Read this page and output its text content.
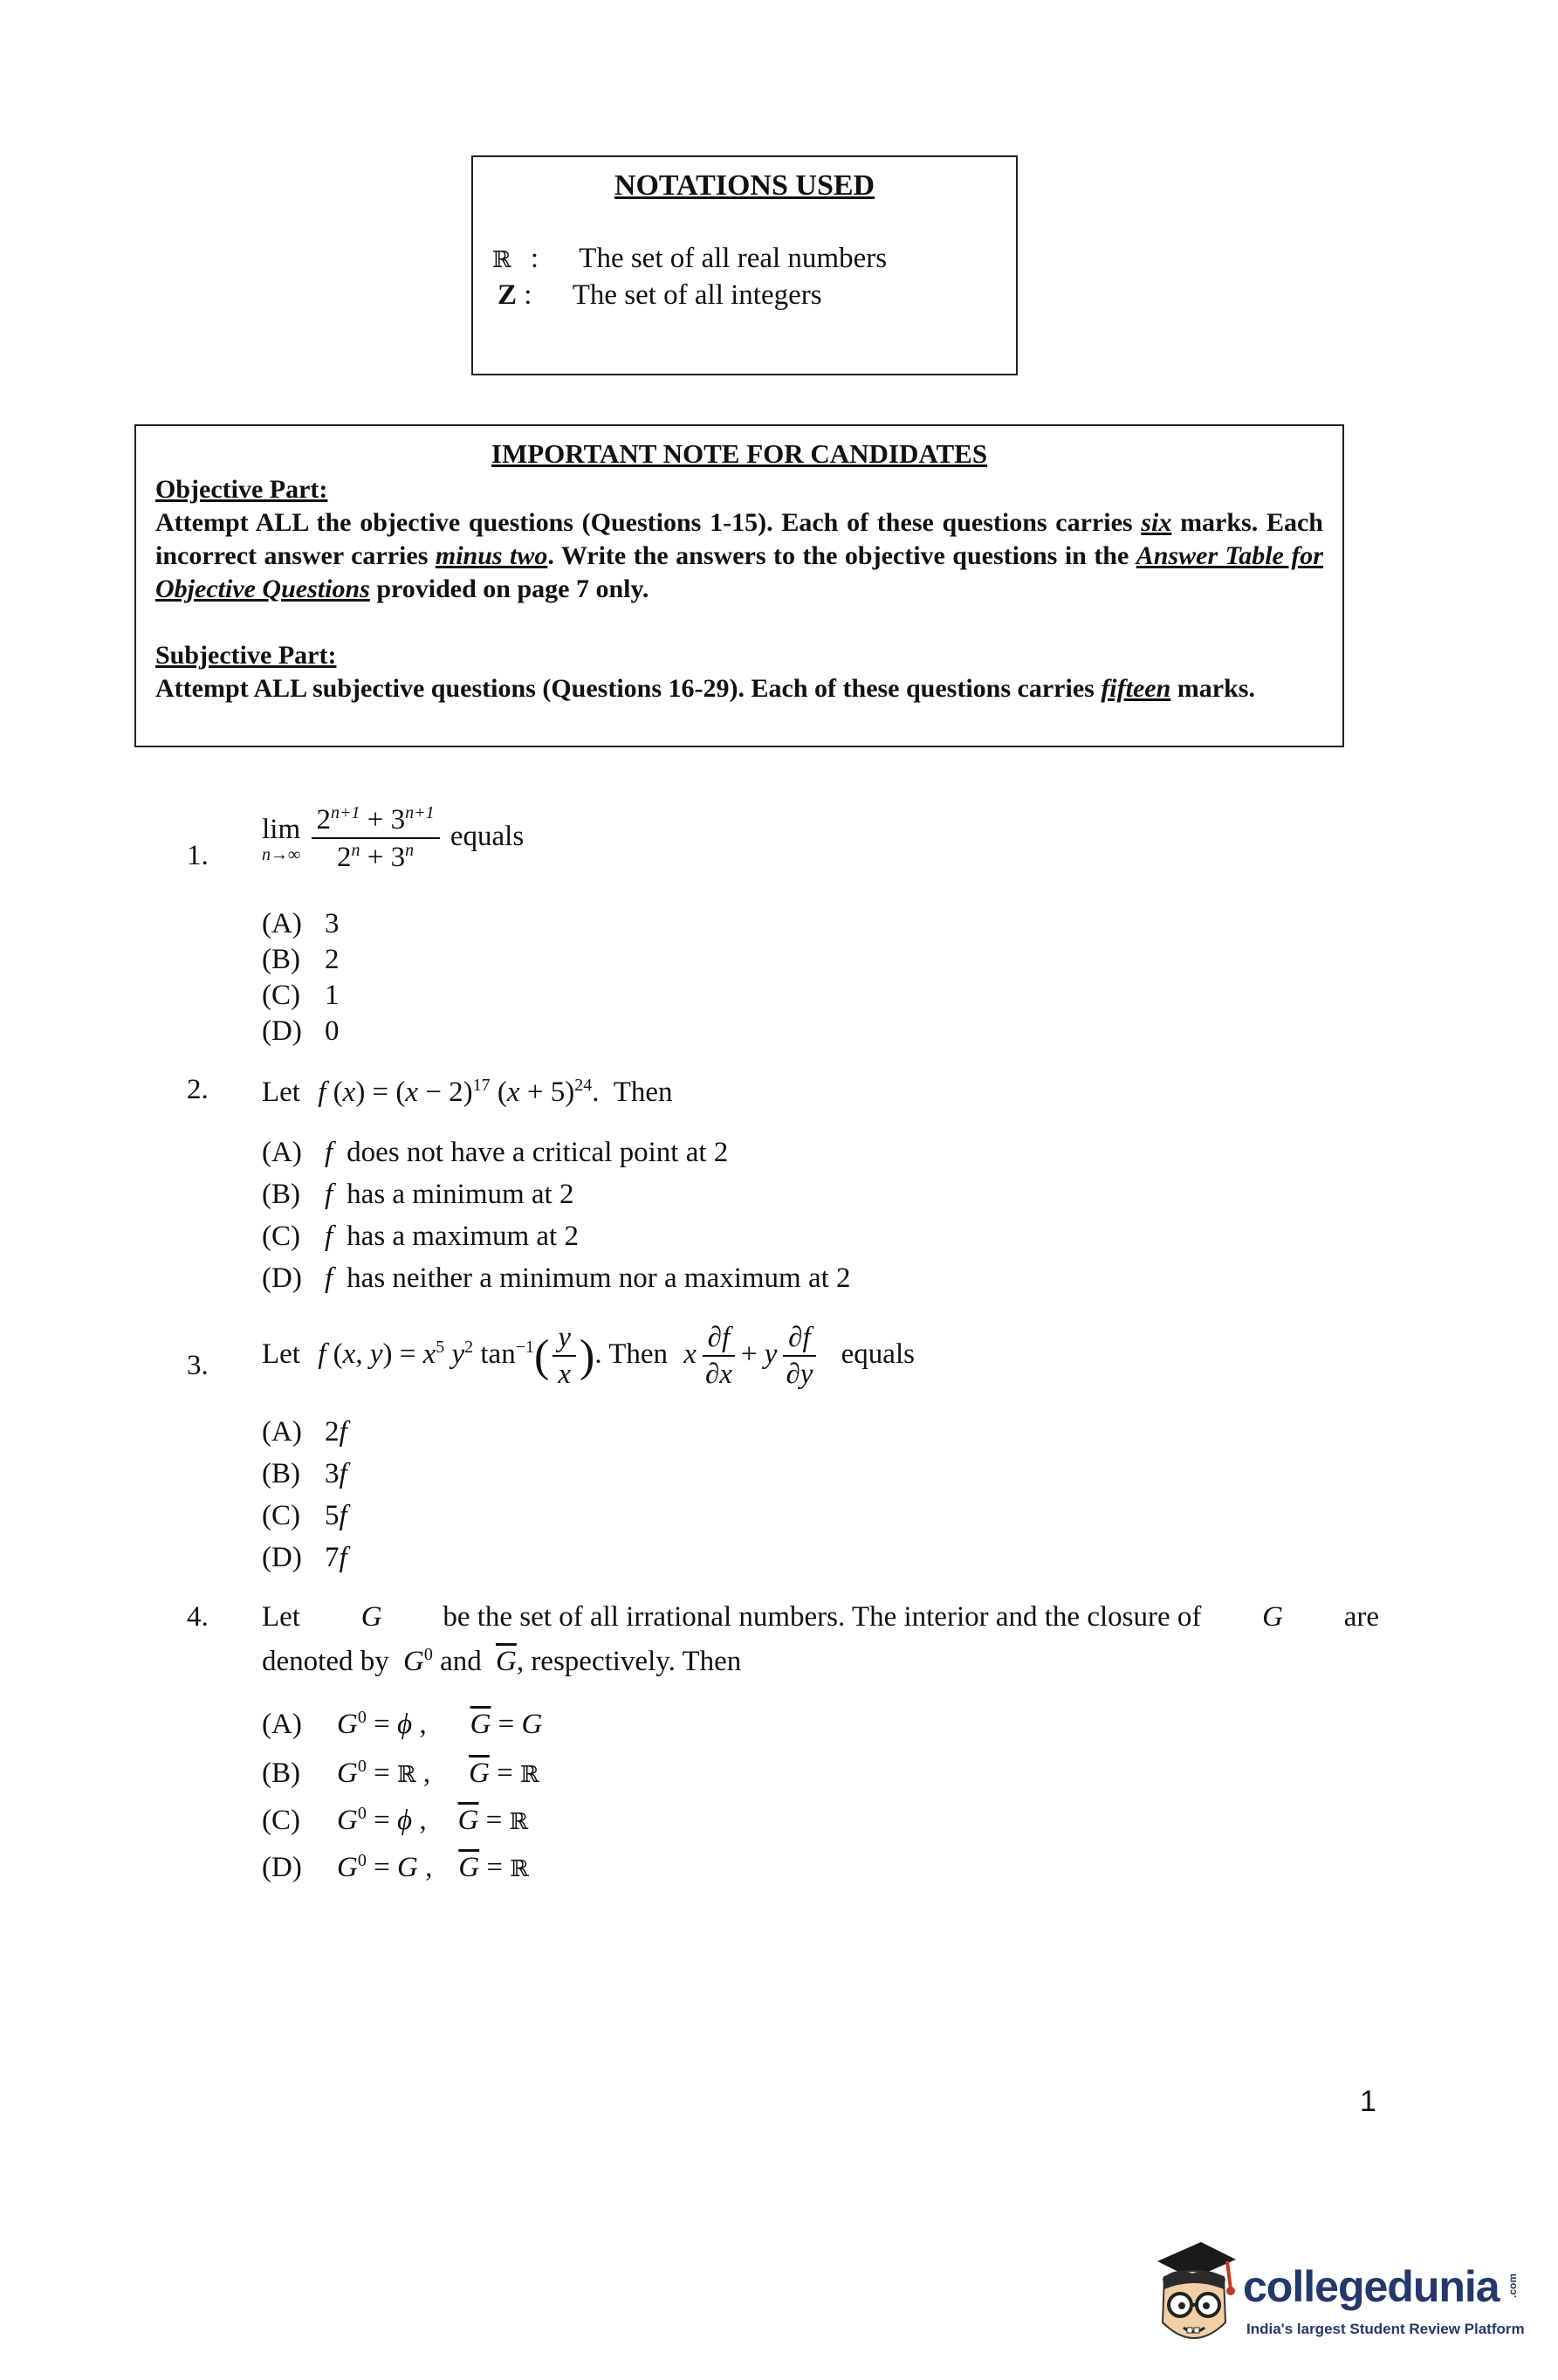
NOTATIONS USED
ℝ : The set of all real numbers
Z : The set of all integers
IMPORTANT NOTE FOR CANDIDATES
Objective Part:
Attempt ALL the objective questions (Questions 1-15). Each of these questions carries six marks. Each incorrect answer carries minus two. Write the answers to the objective questions in the Answer Table for Objective Questions provided on page 7 only.
Subjective Part:
Attempt ALL subjective questions (Questions 16-29). Each of these questions carries fifteen marks.
1.
lim
n→∞
$\frac{2^{n+1} + 3^{n+1}}{2^n + 3^n}$ equals
(A) 3
(B) 2
(C) 1
(D) 0
2. Let f $(x) = (x - 2)^{17}$ $(x + 5)^{24}$. Then
(A) f does not have a critical point at 2
(B) f has a minimum at 2
(C) f has a maximum at 2
(D) f has neither a minimum nor a maximum at 2
3. Let f (x, $y) = x^5$ $y^2$ $\tan^{-1}( \frac{y}{x}$ ). Then x $\frac{\partial f}{\partial x} + y \frac{\partial f}{\partial y}$ equals
(A) 2f
(B) 3f
(C) 5f
(D) 7f
4. Let G be the set of all irrational numbers. The interior and the closure of G are
denoted by $G^0$ and $\overline{G}$, respectively. Then
(A) $G^0 = \phi$ , $\overline{G} = G$
(B) $G^0$ = ℝ , $\overline{G}$ = ℝ
(C) $G^0 = \phi$ , $\overline{G}$ = ℝ
(D) $G^0 = G$ , $\overline{G}$ = ℝ
1
collegedunia .com
India's largest Student Review Platform
